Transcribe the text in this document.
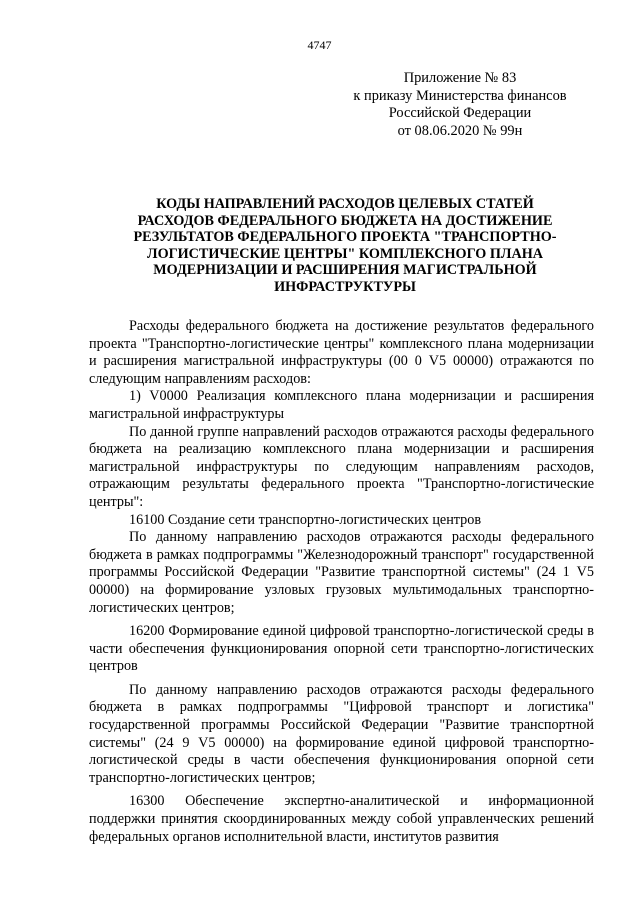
4747
Приложение № 83
к приказу Министерства финансов
Российской Федерации
от 08.06.2020 № 99н
КОДЫ НАПРАВЛЕНИЙ РАСХОДОВ ЦЕЛЕВЫХ СТАТЕЙ
РАСХОДОВ ФЕДЕРАЛЬНОГО БЮДЖЕТА НА ДОСТИЖЕНИЕ
РЕЗУЛЬТАТОВ ФЕДЕРАЛЬНОГО ПРОЕКТА "ТРАНСПОРТНО-
ЛОГИСТИЧЕСКИЕ ЦЕНТРЫ" КОМПЛЕКСНОГО ПЛАНА
МОДЕРНИЗАЦИИ И РАСШИРЕНИЯ МАГИСТРАЛЬНОЙ
ИНФРАСТРУКТУРЫ

Расходы федерального бюджета на достижение результатов федерального проекта "Транспортно-логистические центры" комплексного плана модернизации и расширения магистральной инфраструктуры (00 0 V5 00000) отражаются по следующим направлениям расходов:

1) V0000 Реализация комплексного плана модернизации и расширения магистральной инфраструктуры

По данной группе направлений расходов отражаются расходы федерального бюджета на реализацию комплексного плана модернизации и расширения магистральной инфраструктуры по следующим направлениям расходов, отражающим результаты федерального проекта "Транспортно-логистические центры":

16100 Создание сети транспортно-логистических центров

По данному направлению расходов отражаются расходы федерального бюджета в рамках подпрограммы "Железнодорожный транспорт" государственной программы Российской Федерации "Развитие транспортной системы" (24 1 V5 00000) на формирование узловых грузовых мультимодальных транспортно-логистических центров;

16200 Формирование единой цифровой транспортно-логистической среды в части обеспечения функционирования опорной сети транспортно-логистических центров

По данному направлению расходов отражаются расходы федерального бюджета в рамках подпрограммы "Цифровой транспорт и логистика" государственной программы Российской Федерации "Развитие транспортной системы" (24 9 V5 00000) на формирование единой цифровой транспортно-логистической среды в части обеспечения функционирования опорной сети транспортно-логистических центров;

16300 Обеспечение экспертно-аналитической и информационной поддержки принятия скоординированных между собой управленческих решений федеральных органов исполнительной власти, институтов развития
